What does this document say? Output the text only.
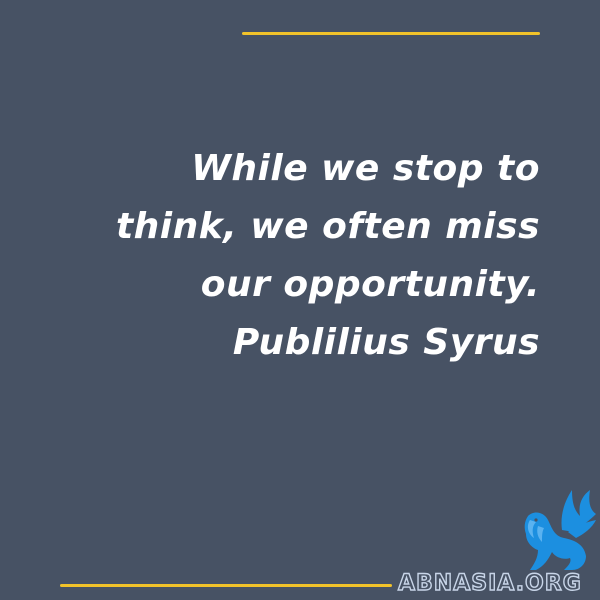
While we stop to
think, we often miss
our opportunity.
Publilius Syrus
ABNASIA.ORG
